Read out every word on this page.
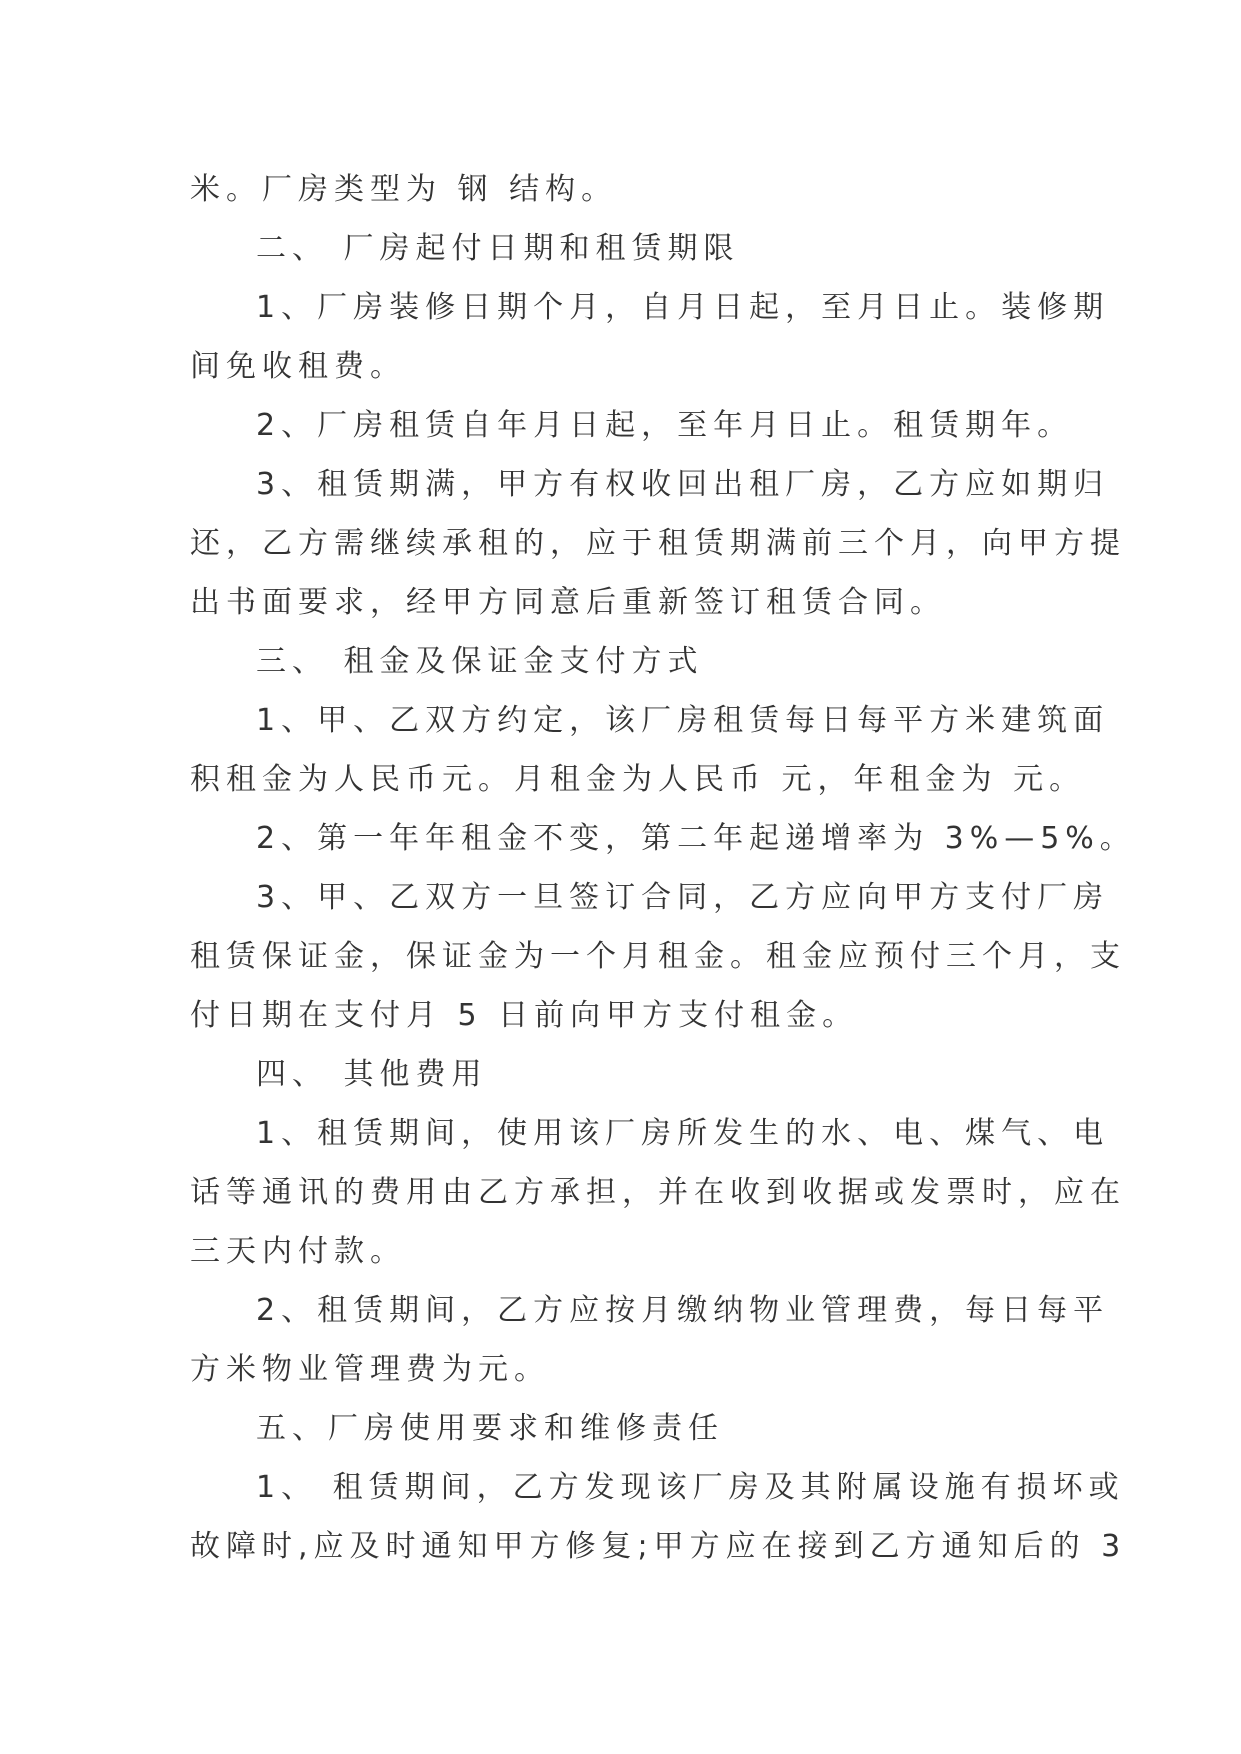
米。厂房类型为 钢 结构。

二、 厂房起付日期和租赁期限

1、厂房装修日期个月，自月日起，至月日止。装修期

间免收租费。

2、厂房租赁自年月日起，至年月日止。租赁期年。

3、租赁期满，甲方有权收回出租厂房，乙方应如期归

还，乙方需继续承租的，应于租赁期满前三个月，向甲方提

出书面要求，经甲方同意后重新签订租赁合同。

三、 租金及保证金支付方式

1、甲、乙双方约定，该厂房租赁每日每平方米建筑面

积租金为人民币元。月租金为人民币 元，年租金为 元。

2、第一年年租金不变，第二年起递增率为 3%—5%。

3、甲、乙双方一旦签订合同，乙方应向甲方支付厂房

租赁保证金，保证金为一个月租金。租金应预付三个月，支

付日期在支付月 5 日前向甲方支付租金。

四、 其他费用

1、租赁期间，使用该厂房所发生的水、电、煤气、电

话等通讯的费用由乙方承担，并在收到收据或发票时，应在

三天内付款。

2、租赁期间，乙方应按月缴纳物业管理费，每日每平

方米物业管理费为元。

五、厂房使用要求和维修责任

1、 租赁期间，乙方发现该厂房及其附属设施有损坏或

故障时,应及时通知甲方修复;甲方应在接到乙方通知后的 3
